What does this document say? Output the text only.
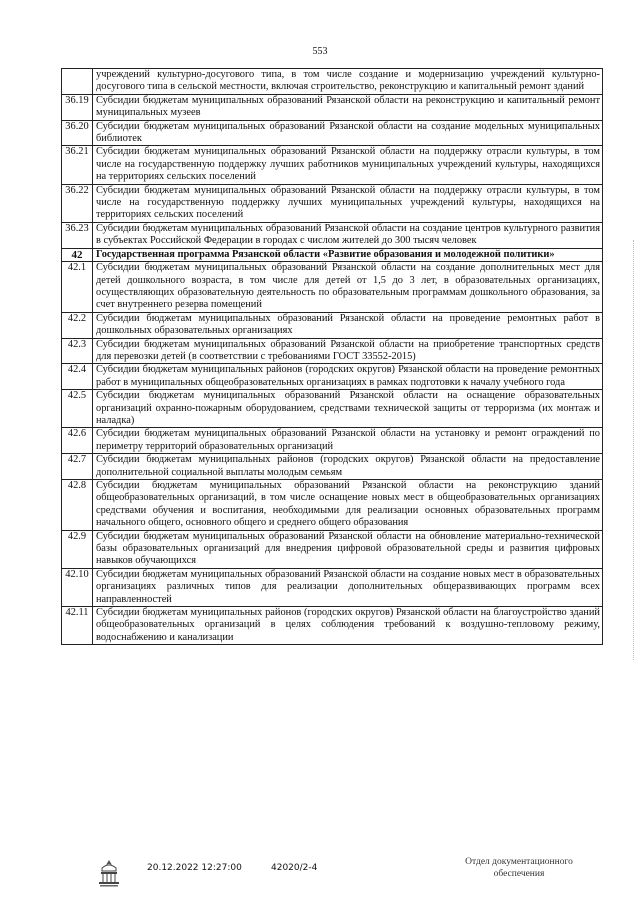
553
	учреждений культурно-досугового типа, в том числе создание и модернизацию учреждений культурно-досугового типа в сельской местности, включая строительство, реконструкцию и капитальный ремонт зданий
36.19	Субсидии бюджетам муниципальных образований Рязанской области на реконструкцию и капитальный ремонт муниципальных музеев
36.20	Субсидии бюджетам муниципальных образований Рязанской области на создание модельных муниципальных библиотек
36.21	Субсидии бюджетам муниципальных образований Рязанской области на поддержку отрасли культуры, в том числе на государственную поддержку лучших работников муниципальных учреждений культуры, находящихся на территориях сельских поселений
36.22	Субсидии бюджетам муниципальных образований Рязанской области на поддержку отрасли культуры, в том числе на государственную поддержку лучших муниципальных учреждений культуры, находящихся на территориях сельских поселений
36.23	Субсидии бюджетам муниципальных образований Рязанской области на создание центров культурного развития в субъектах Российской Федерации в городах с числом жителей до 300 тысяч человек
42	Государственная программа Рязанской области «Развитие образования и молодежной политики»
42.1	Субсидии бюджетам муниципальных образований Рязанской области на создание дополнительных мест для детей дошкольного возраста, в том числе для детей от 1,5 до 3 лет, в образовательных организациях, осуществляющих образовательную деятельность по образовательным программам дошкольного образования, за счет внутреннего резерва помещений
42.2	Субсидии бюджетам муниципальных образований Рязанской области на проведение ремонтных работ в дошкольных образовательных организациях
42.3	Субсидии бюджетам муниципальных образований Рязанской области на приобретение транспортных средств для перевозки детей (в соответствии с требованиями ГОСТ 33552-2015)
42.4	Субсидии бюджетам муниципальных районов (городских округов) Рязанской области на проведение ремонтных работ в муниципальных общеобразовательных организациях в рамках подготовки к началу учебного года
42.5	Субсидии бюджетам муниципальных образований Рязанской области на оснащение образовательных организаций охранно-пожарным оборудованием, средствами технической защиты от терроризма (их монтаж и наладка)
42.6	Субсидии бюджетам муниципальных образований Рязанской области на установку и ремонт ограждений по периметру территорий образовательных организаций
42.7	Субсидии бюджетам муниципальных районов (городских округов) Рязанской области на предоставление дополнительной социальной выплаты молодым семьям
42.8	Субсидии бюджетам муниципальных образований Рязанской области на реконструкцию зданий общеобразовательных организаций, в том числе оснащение новых мест в общеобразовательных организациях средствами обучения и воспитания, необходимыми для реализации основных образовательных программ начального общего, основного общего и среднего общего образования
42.9	Субсидии бюджетам муниципальных образований Рязанской области на обновление материально-технической базы образовательных организаций для внедрения цифровой образовательной среды и развития цифровых навыков обучающихся
42.10	Субсидии бюджетам муниципальных образований Рязанской области на создание новых мест в образовательных организациях различных типов для реализации дополнительных общеразвивающих программ всех направленностей
42.11	Субсидии бюджетам муниципальных районов (городских округов) Рязанской области на благоустройство зданий общеобразовательных организаций в целях соблюдения требований к воздушно-тепловому режиму, водоснабжению и канализации
20.12.2022 12:27:00	42020/2-4
Отдел документационного
обеспечения
